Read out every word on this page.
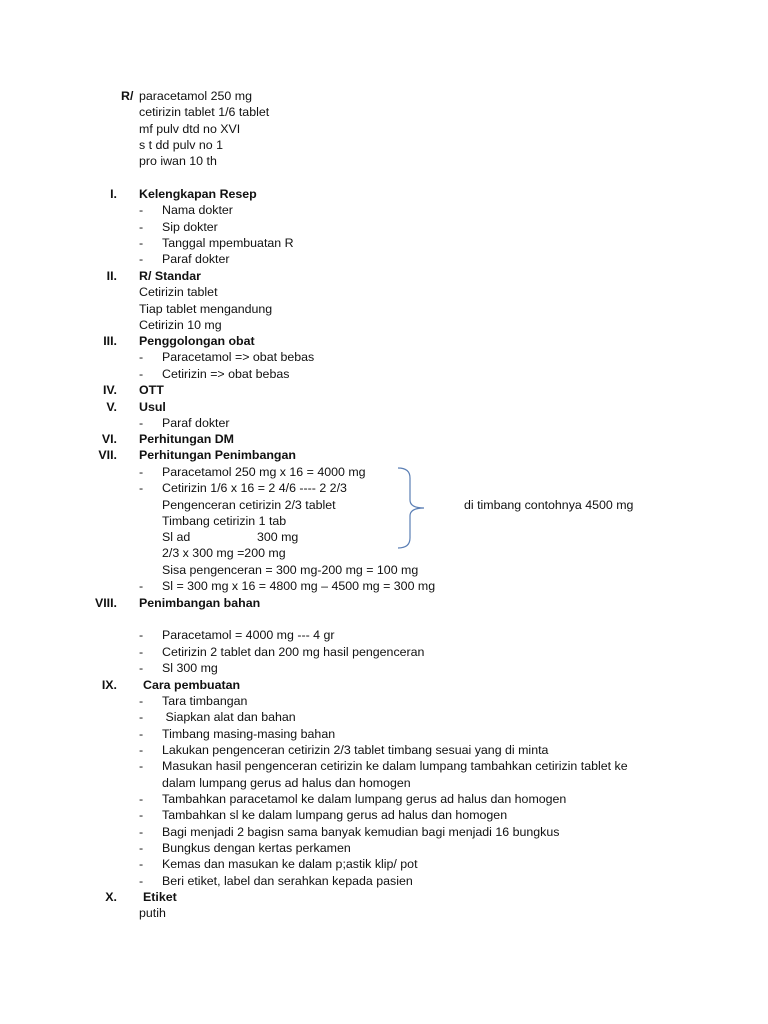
R/ paracetamol 250 mg
cetirizin tablet 1/6 tablet
mf pulv dtd no XVI
s t dd pulv no 1
pro iwan 10 th
I. Kelengkapan Resep
- Nama dokter
- Sip dokter
- Tanggal mpembuatan R
- Paraf dokter
II. R/ Standar
Cetirizin tablet
Tiap tablet mengandung
Cetirizin 10 mg
III. Penggolongan obat
- Paracetamol => obat bebas
- Cetirizin => obat bebas
IV. OTT
V. Usul
- Paraf dokter
VI. Perhitungan DM
VII. Perhitungan Penimbangan
- Paracetamol 250 mg x 16 = 4000 mg
- Cetirizin 1/6 x 16 = 2 4/6 ---- 2 2/3
Pengenceran cetirizin 2/3 tablet	di timbang contohnya 4500 mg
Timbang cetirizin 1 tab
Sl ad	300 mg
2/3 x 300 mg =200 mg
Sisa pengenceran = 300 mg-200 mg = 100 mg
- Sl = 300 mg x 16 = 4800 mg – 4500 mg = 300 mg
VIII. Penimbangan bahan
- Paracetamol = 4000 mg --- 4 gr
- Cetirizin 2 tablet dan 200 mg hasil pengenceran
- Sl 300 mg
IX. Cara pembuatan
- Tara timbangan
- Siapkan alat dan bahan
- Timbang masing-masing bahan
- Lakukan pengenceran cetirizin 2/3 tablet timbang sesuai yang di minta
- Masukan hasil pengenceran cetirizin ke dalam lumpang tambahkan cetirizin tablet ke
dalam lumpang gerus ad halus dan homogen
- Tambahkan paracetamol ke dalam lumpang gerus ad halus dan homogen
- Tambahkan sl ke dalam lumpang gerus ad halus dan homogen
- Bagi menjadi 2 bagisn sama banyak kemudian bagi menjadi 16 bungkus
- Bungkus dengan kertas perkamen
- Kemas dan masukan ke dalam p;astik klip/ pot
- Beri etiket, label dan serahkan kepada pasien
X. Etiket
putih
